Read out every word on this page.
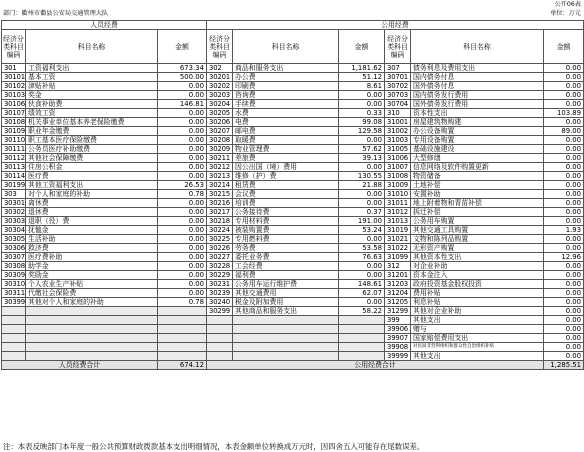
公开06表
部门：衢州市衢县公安局交通管理大队	单位：万元
人员经费			公用经费					
经济分类科目编码	科目名称	金额	经济分类科目编码	科目名称	金额	经济分类科目编码	科目名称	金额
301	工资福利支出	673.34	302	商品和服务支出	1,181.62	307	债务利息及费用支出	0.00
30101	基本工资	500.00	30201	办公费	51.12	30701	国内债务付息	0.00
30102	津贴补贴	0.00	30202	印刷费	8.61	30702	国外债务付息	0.00
30103	奖金	0.00	30203	咨询费	0.00	30703	国内债务发行费用	0.00
30106	伙食补助费	146.81	30204	手续费	0.00	30704	国外债务发行费用	0.00
30107	绩效工资	0.00	30205	水费	0.33	310	资本性支出	103.89
30108	机关事业单位基本养老保险缴费	0.00	30206	电费	99.08	31001	房屋建筑物购建	0.00
30109	职业年金缴费	0.00	30207	邮电费	129.58	31002	办公设备购置	89.00
30110	职工基本医疗保险缴费	0.00	30208	取暖费	0.00	31003	专用设备购置	0.00
30111	公务员医疗补助缴费	0.00	30209	物业管理费	57.62	31005	基础设施建设	0.00
30112	其他社会保障缴费	0.00	30211	差旅费	39.13	31006	大型修缮	0.00
30113	住房公积金	0.00	30212	因公出国（境）费用	0.00	31007	信息网络及软件购置更新	0.00
30114	医疗费	0.00	30213	维修（护）费	130.55	31008	物资储备	0.00
30199	其他工资福利支出	26.53	30214	租赁费	21.88	31009	土地补偿	0.00
303	对个人和家庭的补助	0.78	30215	会议费	0.00	31010	安置补助	0.00
30301	离休费	0.00	30216	培训费	0.00	31011	地上附着物和青苗补偿	0.00
30302	退休费	0.00	30217	公务接待费	0.37	31012	拆迁补偿	0.00
30303	退职（役）费	0.00	30218	专用材料费	191.00	31013	公务用车购置	0.00
30304	抚恤金	0.00	30224	被装购置费	53.24	31019	其他交通工具购置	1.93
30305	生活补助	0.00	30225	专用燃料费	0.00	31021	文物和陈列品购置	0.00
30306	救济费	0.00	30226	劳务费	53.58	31022	无形资产购置	0.00
30307	医疗费补助	0.00	30227	委托业务费	76.63	31099	其他资本性支出	12.96
30308	助学金	0.00	30228	工会经费	0.00	312	对企业补助	0.00
30309	奖励金	0.00	30229	福利费	0.00	31201	资本金注入	0.00
30310	个人农业生产补贴	0.00	30231	公务用车运行维护费	148.61	31203	政府投资基金股权投资	0.00
30311	代缴社会保险费	0.00	30239	其他交通费用	62.07	31204	费用补贴	0.00
30399	其他对个人和家庭的补助	0.78	30240	税金及附加费用	0.00	31205	利息补贴	0.00
			30299	其他商品和服务支出	58.22	31299	其他对企业补助	0.00
						399	其他支出	0.00
						39906	赠与	0.00
						39907	国家赔偿费用支出	0.00
						39908	对民间非营利组织和群众性自治组织补贴	0.00
						39999	其他支出	0.00
人员经费合计		674.12	公用经费合计					1,285.51
注：本表反映部门本年度一般公共预算财政拨款基本支出明细情况，本表金额单位转换成万元时，因四舍五入可能存在尾数误差。
